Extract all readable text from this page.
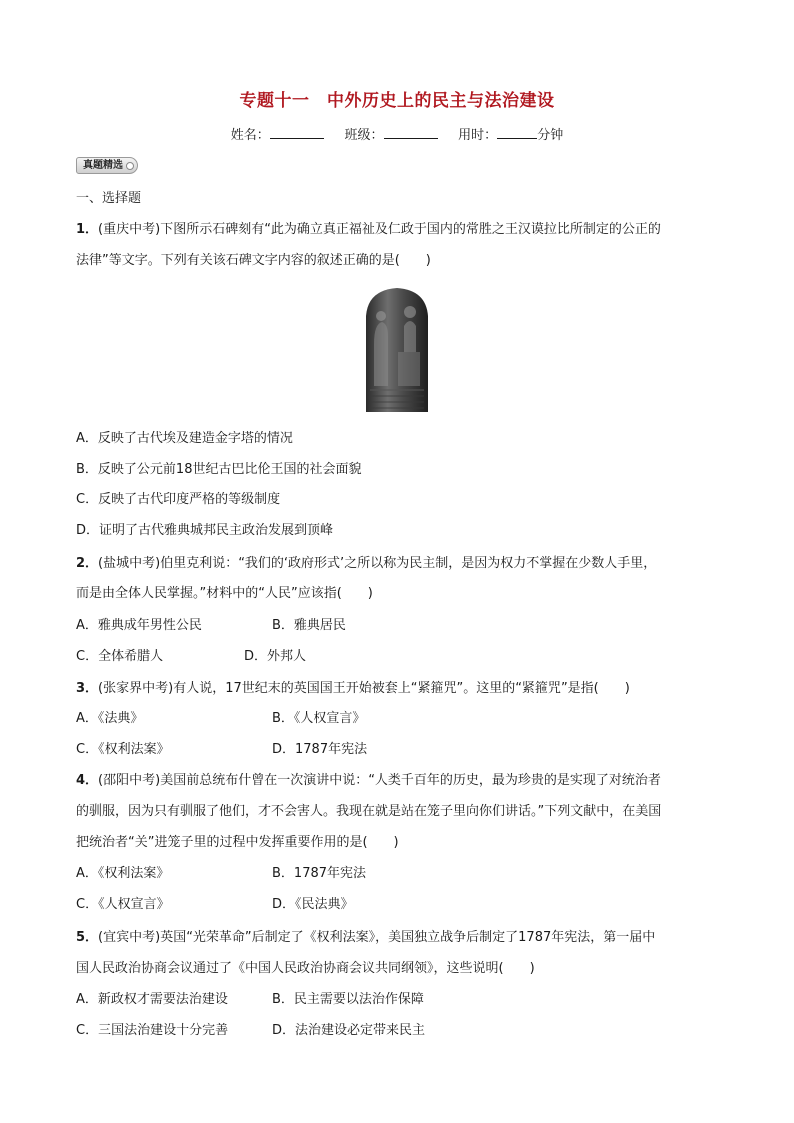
专题十一　中外历史上的民主与法治建设
姓名：	班级：	用时：	分钟
真题精选
一、选择题
1．(重庆中考)下图所示石碑刻有“此为确立真正福祉及仁政于国内的常胜之王汉谟拉比所制定的公正的
法律”等文字。下列有关该石碑文字内容的叙述正确的是(　　)
A．反映了古代埃及建造金字塔的情况
B．反映了公元前18世纪古巴比伦王国的社会面貌
C．反映了古代印度严格的等级制度
D．证明了古代雅典城邦民主政治发展到顶峰
2．(盐城中考)伯里克利说：“我们的‘政府形式’之所以称为民主制，是因为权力不掌握在少数人手里，
而是由全体人民掌握。”材料中的“人民”应该指(　　)
A．雅典成年男性公民	B．雅典居民
C．全体希腊人	D．外邦人
3．(张家界中考)有人说，17世纪末的英国国王开始被套上“紧箍咒”。这里的“紧箍咒”是指(　　)
A．《法典》	B．《人权宣言》
C．《权利法案》	D．1787年宪法
4．(邵阳中考)美国前总统布什曾在一次演讲中说：“人类千百年的历史，最为珍贵的是实现了对统治者
的驯服，因为只有驯服了他们，才不会害人。我现在就是站在笼子里向你们讲话。”下列文献中，在美国
把统治者“关”进笼子里的过程中发挥重要作用的是(　　)
A．《权利法案》	B．1787年宪法
C．《人权宣言》	D．《民法典》
5．(宜宾中考)英国“光荣革命”后制定了《权利法案》，美国独立战争后制定了1787年宪法，第一届中
国人民政治协商会议通过了《中国人民政治协商会议共同纲领》，这些说明(　　)
A．新政权才需要法治建设	B．民主需要以法治作保障
C．三国法治建设十分完善	D．法治建设必定带来民主
